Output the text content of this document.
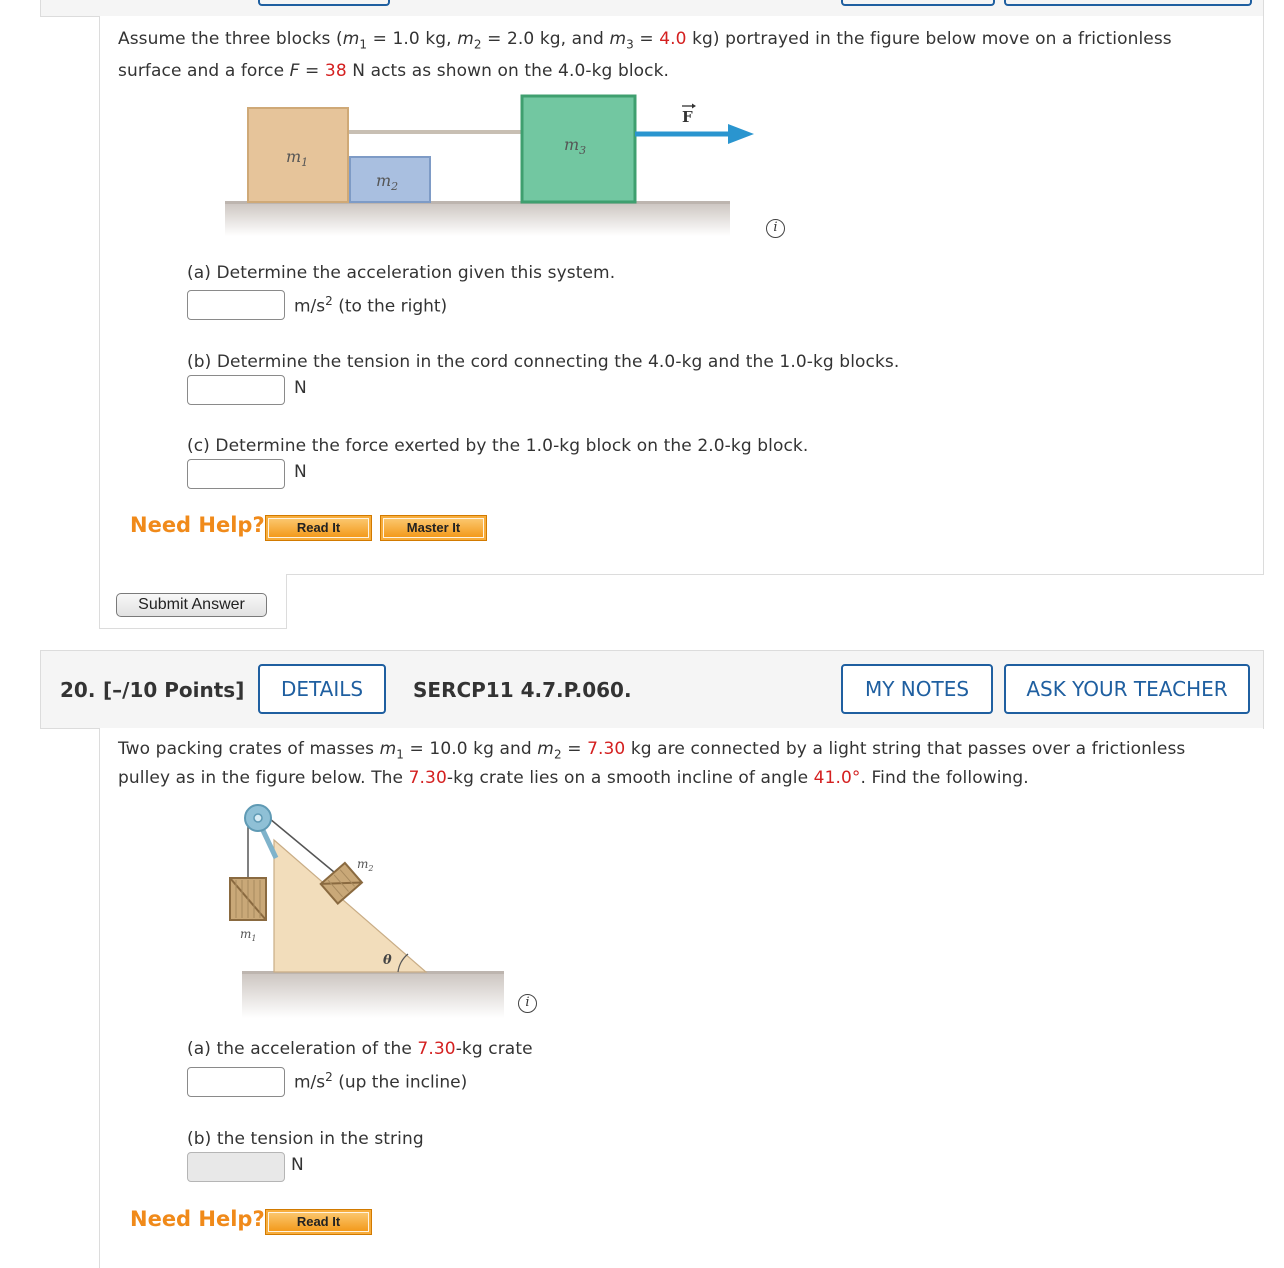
Assume the three blocks ($m_1 = 1.0$ kg, $m_2 = 2.0$ kg, and $m_3 = 4.0$ kg) portrayed in the figure below move on a frictionless
surface and a force F = 38 N acts as shown on the 4.0-kg block.
$m_1$
$m_2$
$m_3$
F
i
(a) Determine the acceleration given this system.
$m/s^2$ (to the right)
(b) Determine the tension in the cord connecting the 4.0-kg and the 1.0-kg blocks.
N
(c) Determine the force exerted by the 1.0-kg block on the 2.0-kg block.
N
Need Help?	Read It	Master It
Submit Answer
20. [–/10 Points]	DETAILS	SERCP11 4.7.P.060.	MY NOTES	ASK YOUR TEACHER
Two packing crates of masses $m_1 = 10.0$ kg and $m_2 = 7.30$ kg are connected by a light string that passes over a frictionless
pulley as in the figure below. The 7.30-kg crate lies on a smooth incline of angle 41.0°. Find the following.
$m_1$
$m_2$
θ
i
(a) the acceleration of the 7.30-kg crate
$m/s^2$ (up the incline)
(b) the tension in the string
N
Need Help?	Read It
